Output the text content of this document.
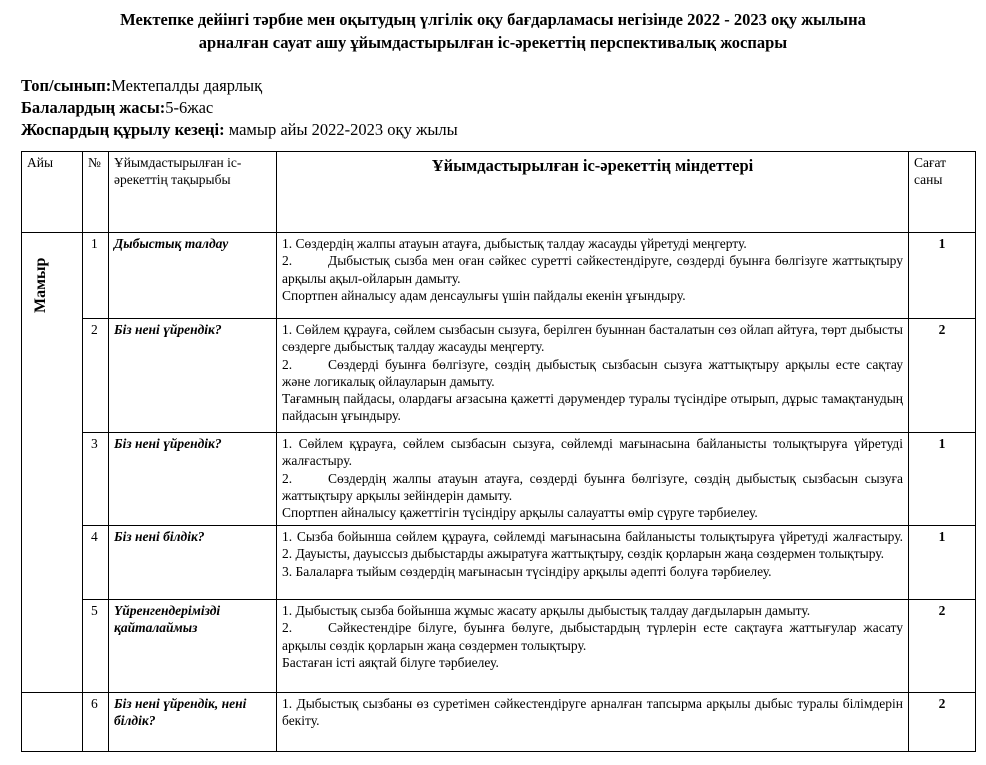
Мектепке дейінгі тәрбие мен оқытудың үлгілік оқу бағдарламасы негізінде 2022 - 2023 оқу жылына
арналған сауат ашу ұйымдастырылған іс-әрекеттің перспективалық жоспары
Топ/сынып:Мектепалды даярлық
Балалардың жасы:5-6жас
Жоспардың құрылу кезеңі: мамыр айы 2022-2023 оқу жылы
Айы	№	Ұйымдастырылған іс-әрекеттің тақырыбы	Ұйымдастырылған іс-әрекеттің міндеттері	Сағат саны

Мамыр	1	Дыбыстық талдау	1. Сөздердің жалпы атауын атауға, дыбыстық талдау жасауды үйретуді меңгерту.
2. Дыбыстық сызба мен оған сәйкес суретті сәйкестендіруге, сөздерді буынға бөлгізуге жаттықтыру арқылы ақыл-ойларын дамыту.
Спортпен айналысу адам денсаулығы үшін пайдалы екенін ұғындыру.	1
	2	Біз нені үйрендік?	1. Сөйлем құрауға, сөйлем сызбасын сызуға, берілген буыннан басталатын сөз ойлап айтуға, төрт дыбысты сөздерге дыбыстық талдау жасауды меңгерту.
2. Сөздерді буынға бөлгізуге, сөздің дыбыстық сызбасын сызуға жаттықтыру арқылы есте сақтау және логикалық ойлауларын дамыту.
Тағамның пайдасы, олардағы ағзасына қажетті дәрумендер туралы түсіндіре отырып, дұрыс тамақтанудың пайдасын ұғындыру.	2
	3	Біз нені үйрендік?	1. Сөйлем құрауға, сөйлем сызбасын сызуға, сөйлемді мағынасына байланысты толықтыруға үйретуді жалғастыру.
2. Сөздердің жалпы атауын атауға, сөздерді буынға бөлгізуге, сөздің дыбыстық сызбасын сызуға жаттықтыру арқылы зейіндерін дамыту.
Спортпен айналысу қажеттігін түсіндіру арқылы салауатты өмір сүруге тәрбиелеу.	1
	4	Біз нені білдік?	1. Сызба бойынша сөйлем құрауға, сөйлемді мағынасына байланысты толықтыруға үйретуді жалғастыру. 2. Дауысты, дауыссыз дыбыстарды ажыратуға жаттықтыру, сөздік қорларын жаңа сөздермен толықтыру.
3. Балаларға тыйым сөздердің мағынасын түсіндіру арқылы әдепті болуға тәрбиелеу.	1
	5	Үйренгендерімізді қайталаймыз	1. Дыбыстық сызба бойынша жұмыс жасату арқылы дыбыстық талдау дағдыларын дамыту.
2. Сәйкестендіре білуге, буынға бөлуге, дыбыстардың түрлерін есте сақтауға жаттығулар жасату арқылы сөздік қорларын жаңа сөздермен толықтыру.
Бастаған істі аяқтай білуге тәрбиелеу.	2
	6	Біз нені үйрендік, нені білдік?	1. Дыбыстық сызбаны өз суретімен сәйкестендіруге арналған тапсырма арқылы дыбыс туралы білімдерін бекіту.	2
